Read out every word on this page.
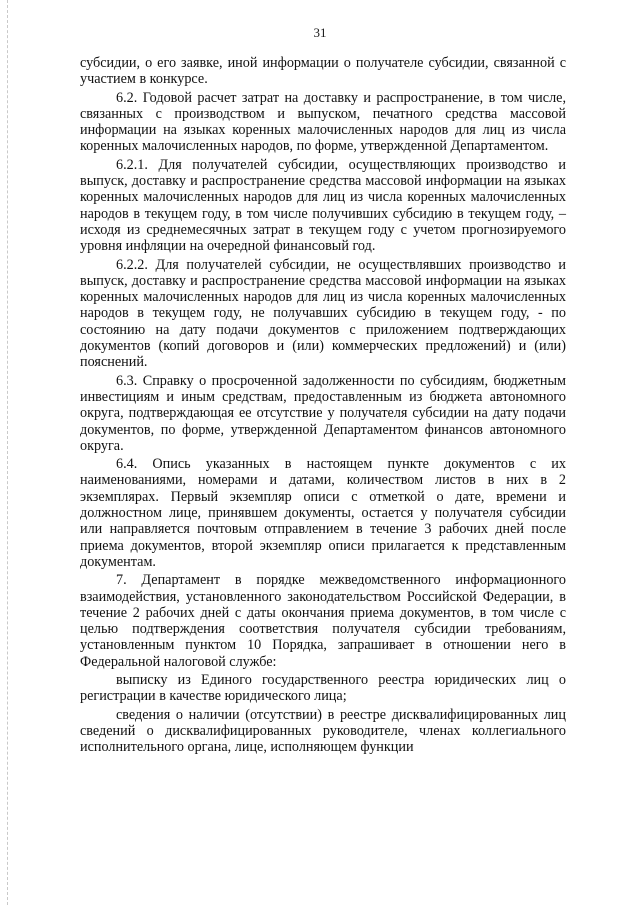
31

субсидии, о его заявке, иной информации о получателе субсидии, связанной с участием в конкурсе.

6.2. Годовой расчет затрат на доставку и распространение, в том числе, связанных с производством и выпуском, печатного средства массовой информации на языках коренных малочисленных народов для лиц из числа коренных малочисленных народов, по форме, утвержденной Департаментом.

6.2.1. Для получателей субсидии, осуществляющих производство и выпуск, доставку и распространение средства массовой информации на языках коренных малочисленных народов для лиц из числа коренных малочисленных народов в текущем году, в том числе получивших субсидию в текущем году, – исходя из среднемесячных затрат в текущем году с учетом прогнозируемого уровня инфляции на очередной финансовый год.

6.2.2. Для получателей субсидии, не осуществлявших производство и выпуск, доставку и распространение средства массовой информации на языках коренных малочисленных народов для лиц из числа коренных малочисленных народов в текущем году, не получавших субсидию в текущем году, - по состоянию на дату подачи документов с приложением подтверждающих документов (копий договоров и (или) коммерческих предложений) и (или) пояснений.

6.3. Справку о просроченной задолженности по субсидиям, бюджетным инвестициям и иным средствам, предоставленным из бюджета автономного округа, подтверждающая ее отсутствие у получателя субсидии на дату подачи документов, по форме, утвержденной Департаментом финансов автономного округа.

6.4. Опись указанных в настоящем пункте документов с их наименованиями, номерами и датами, количеством листов в них в 2 экземплярах. Первый экземпляр описи с отметкой о дате, времени и должностном лице, принявшем документы, остается у получателя субсидии или направляется почтовым отправлением в течение 3 рабочих дней после приема документов, второй экземпляр описи прилагается к представленным документам.

7. Департамент в порядке межведомственного информационного взаимодействия, установленного законодательством Российской Федерации, в течение 2 рабочих дней с даты окончания приема документов, в том числе с целью подтверждения соответствия получателя субсидии требованиям, установленным пунктом 10 Порядка, запрашивает в отношении него в Федеральной налоговой службе:

выписку из Единого государственного реестра юридических лиц о регистрации в качестве юридического лица;

сведения о наличии (отсутствии) в реестре дисквалифицированных лиц сведений о дисквалифицированных руководителе, членах коллегиального исполнительного органа, лице, исполняющем функции
